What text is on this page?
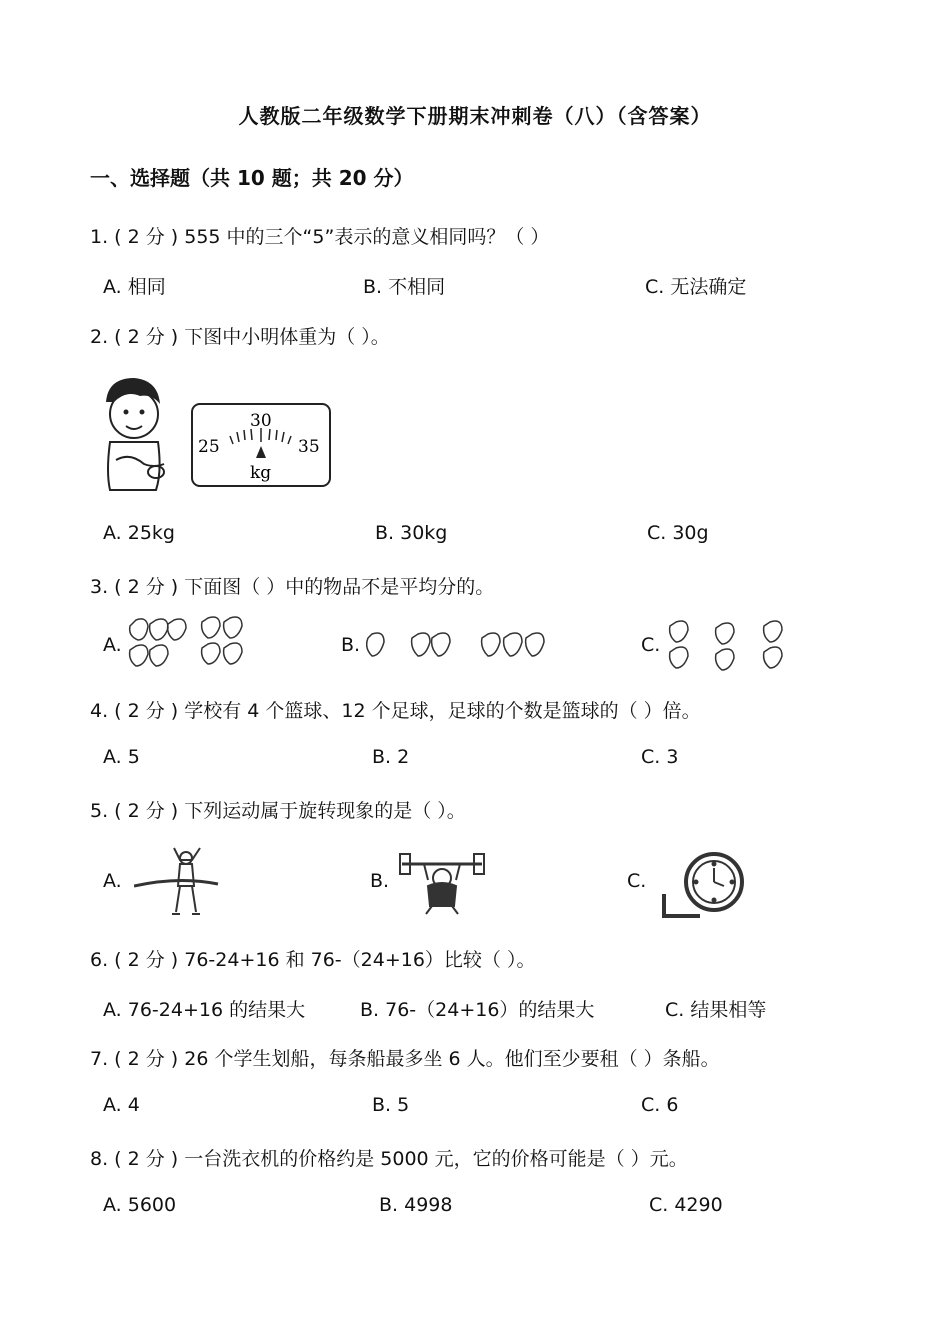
人教版二年级数学下册期末冲刺卷（八）（含答案）
一、选择题（共 10 题；共 20 分）
1. ( 2 分 ) 555 中的三个“5”表示的意义相同吗？（ ）
A. 相同	B. 不相同	C. 无法确定
2. ( 2 分 ) 下图中小明体重为（ ）。
25
30
35
kg
A. 25kg	B. 30kg	C. 30g
3. ( 2 分 ) 下面图（ ）中的物品不是平均分的。
A.	B.	C.
4. ( 2 分 ) 学校有 4 个篮球、12 个足球，足球的个数是篮球的（ ）倍。
A. 5	B. 2	C. 3
5. ( 2 分 ) 下列运动属于旋转现象的是（ ）。
A.	B.	C.
6. ( 2 分 ) 76-24+16 和 76-（24+16）比较（ ）。
A. 76-24+16 的结果大	B. 76-（24+16）的结果大	C. 结果相等
7. ( 2 分 ) 26 个学生划船，每条船最多坐 6 人。他们至少要租（ ）条船。
A. 4	B. 5	C. 6
8. ( 2 分 ) 一台洗衣机的价格约是 5000 元，它的价格可能是（ ）元。
A. 5600	B. 4998	C. 4290
